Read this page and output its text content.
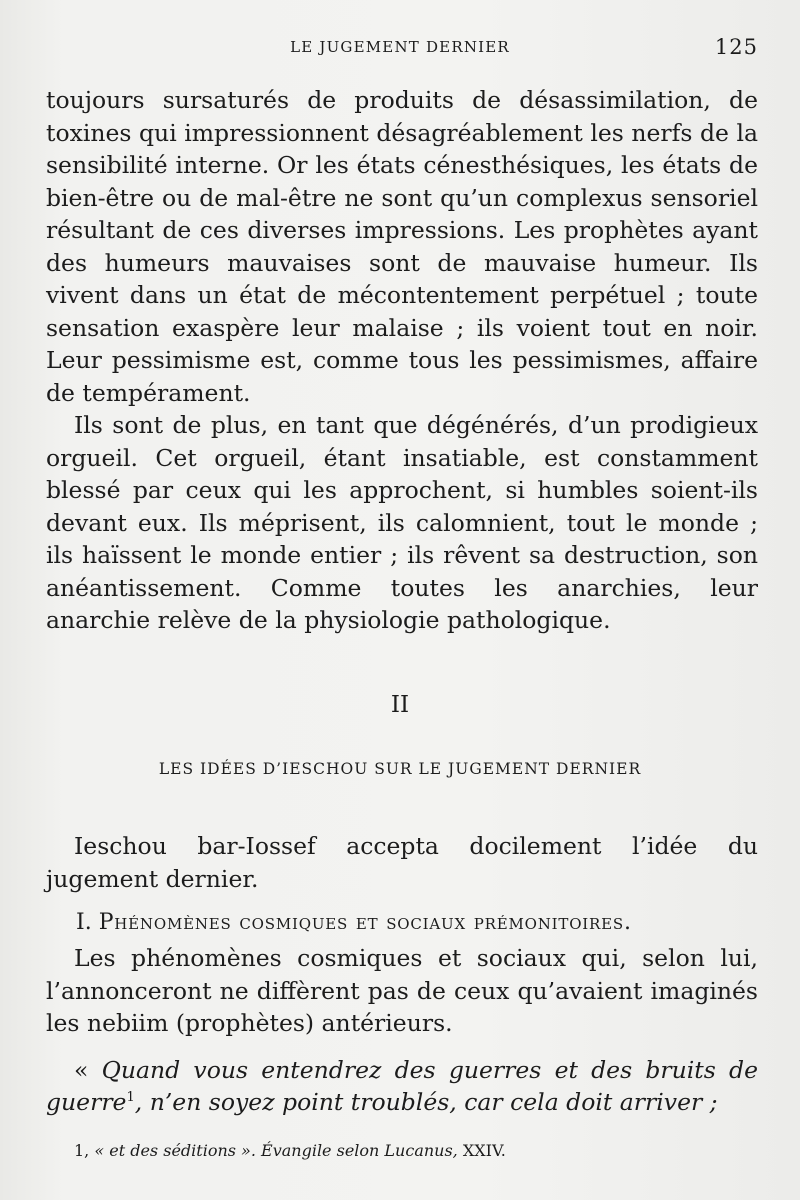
LE JUGEMENT DERNIER	125

toujours sursaturés de produits de désassimilation, de toxines qui impressionnent désagréablement les nerfs de la sensibilité interne. Or les états cénesthésiques, les états de bien-être ou de mal-être ne sont qu’un complexus sensoriel résultant de ces diverses impressions. Les prophètes ayant des humeurs mauvaises sont de mauvaise humeur. Ils vivent dans un état de mécontentement perpétuel ; toute sensation exaspère leur malaise ; ils voient tout en noir. Leur pessimisme est, comme tous les pessimismes, affaire de tempérament.

Ils sont de plus, en tant que dégénérés, d’un prodigieux orgueil. Cet orgueil, étant insatiable, est constamment blessé par ceux qui les approchent, si humbles soient-ils devant eux. Ils méprisent, ils calomnient, tout le monde ; ils haïssent le monde entier ; ils rêvent sa destruction, son anéantissement. Comme toutes les anarchies, leur anarchie relève de la physiologie pathologique.

II
LES IDÉES D’IESCHOU SUR LE JUGEMENT DERNIER

Ieschou bar-Iossef accepta docilement l’idée du jugement dernier.

I. Phénomènes cosmiques et sociaux prémonitoires.

Les phénomènes cosmiques et sociaux qui, selon lui, l’annonceront ne diffèrent pas de ceux qu’avaient imaginés les nebiim (prophètes) antérieurs.

« Quand vous entendrez des guerres et des bruits de guerre$^1$, n’en soyez point troublés, car cela doit arriver ;

1, « et des séditions ». Évangile selon Lucanus, XXIV.
